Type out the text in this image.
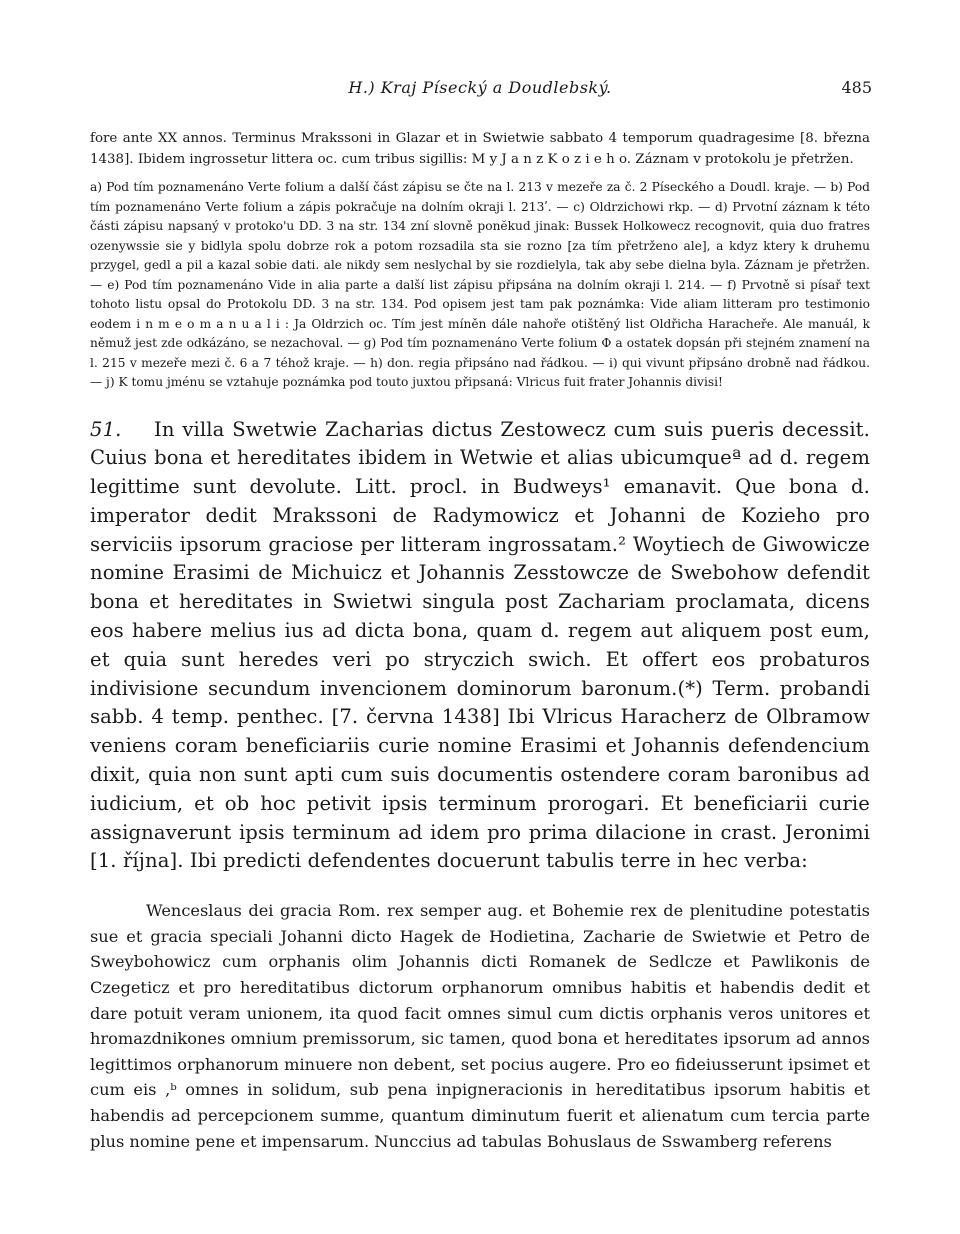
H.) Kraj Písecký a Doudlebský.	485

fore ante XX annos. Terminus Mrakssoni in Glazar et in Swietwie sabbato 4 temporum quadragesime [8. března 1438]. Ibidem ingrossetur littera oc. cum tribus sigillis: M y J a n z K o z i e h o. Záznam v protokolu je přetržen.

a) Pod tím poznamenáno Verte folium a další část zápisu se čte na l. 213 v mezeře za č. 2 Píseckého a Doudl. kraje. — b) Pod tím poznamenáno Verte folium a zápis pokračuje na dolním okraji l. 213ʹ. — c) Oldrzichowi rkp. — d) Prvotní záznam k této části zápisu napsaný v protoko'u DD. 3 na str. 134 zní slovně ponĕkud jinak: Bussek Holkowecz recognovit, quia duo fratres ozenywssie sie y bidlyla spolu dobrze rok a potom rozsadila sta sie rozno [za tím přetrženo ale], a kdyz ktery k druhemu przygel, gedl a pil a kazal sobie dati. ale nikdy sem neslychal by sie rozdielyla, tak aby sebe dielna byla. Záznam je přetržen. — e) Pod tím poznamenáno Vide in alia parte a další list zápisu připsána na dolním okraji l. 214. — f) Prvotně si písař text tohoto listu opsal do Protokolu DD. 3 na str. 134. Pod opisem jest tam pak poznámka: Vide aliam litteram pro testimonio eodem i n m e o m a n u a l i : Ja Oldrzich oc. Tím jest míněn dále nahoře otištěný list Oldřicha Haracheře. Ale manuál, k němuž jest zde odkázáno, se nezachoval. — g) Pod tím poznamenáno Verte folium Φ a ostatek dopsán při stejném znamení na l. 215 v mezeře mezi č. 6 a 7 téhož kraje. — h) don. regia připsáno nad řádkou. — i) qui vivunt připsáno drobně nad řádkou. — j) K tomu jménu se vztahuje poznámka pod touto juxtou připsaná: Vlricus fuit frater Johannis divisi!

51. In villa Swetwie Zacharias dictus Zestowecz cum suis pueris decessit. Cuius bona et hereditates ibidem in Wetwie et alias ubicumqueª ad d. regem legittime sunt devolute. Litt. procl. in Budweys¹ emanavit. Que bona d. imperator dedit Mrakssoni de Radymowicz et Johanni de Kozieho pro serviciis ipsorum graciose per litteram ingrossatam.² Woytiech de Giwowicze nomine Erasimi de Michuicz et Johannis Zesstowcze de Swebohow defendit bona et hereditates in Swietwi singula post Zachariam proclamata, dicens eos habere melius ius ad dicta bona, quam d. regem aut aliquem post eum, et quia sunt heredes veri po stryczich swich. Et offert eos probaturos indivisione secundum invencionem dominorum baronum.(*) Term. probandi sabb. 4 temp. penthec. [7. června 1438] Ibi Vlricus Haracherz de Olbramow veniens coram beneficiariis curie nomine Erasimi et Johannis defendencium dixit, quia non sunt apti cum suis documentis ostendere coram baronibus ad iudicium, et ob hoc petivit ipsis terminum prorogari. Et beneficiarii curie assignaverunt ipsis terminum ad idem pro prima dilacione in crast. Jeronimi [1. října]. Ibi predicti defendentes docuerunt tabulis terre in hec verba:

Wenceslaus dei gracia Rom. rex semper aug. et Bohemie rex de plenitudine potestatis sue et gracia speciali Johanni dicto Hagek de Hodietina, Zacharie de Swietwie et Petro de Sweybohowicz cum orphanis olim Johannis dicti Romanek de Sedlcze et Pawlikonis de Czegeticz et pro hereditatibus dictorum orphanorum omnibus habitis et habendis dedit et dare potuit veram unionem, ita quod facit omnes simul cum dictis orphanis veros unitores et hromazdnikones omnium premissorum, sic tamen, quod bona et hereditates ipsorum ad annos legittimos orphanorum minuere non debent, set pocius augere. Pro eo fideiusserunt ipsimet et cum eis ,ᵇ omnes in solidum, sub pena inpigneracionis in hereditatibus ipsorum habitis et habendis ad percepcionem summe, quantum diminutum fuerit et alienatum cum tercia parte plus nomine pene et impensarum. Nunccius ad tabulas Bohuslaus de Sswamberg referens
